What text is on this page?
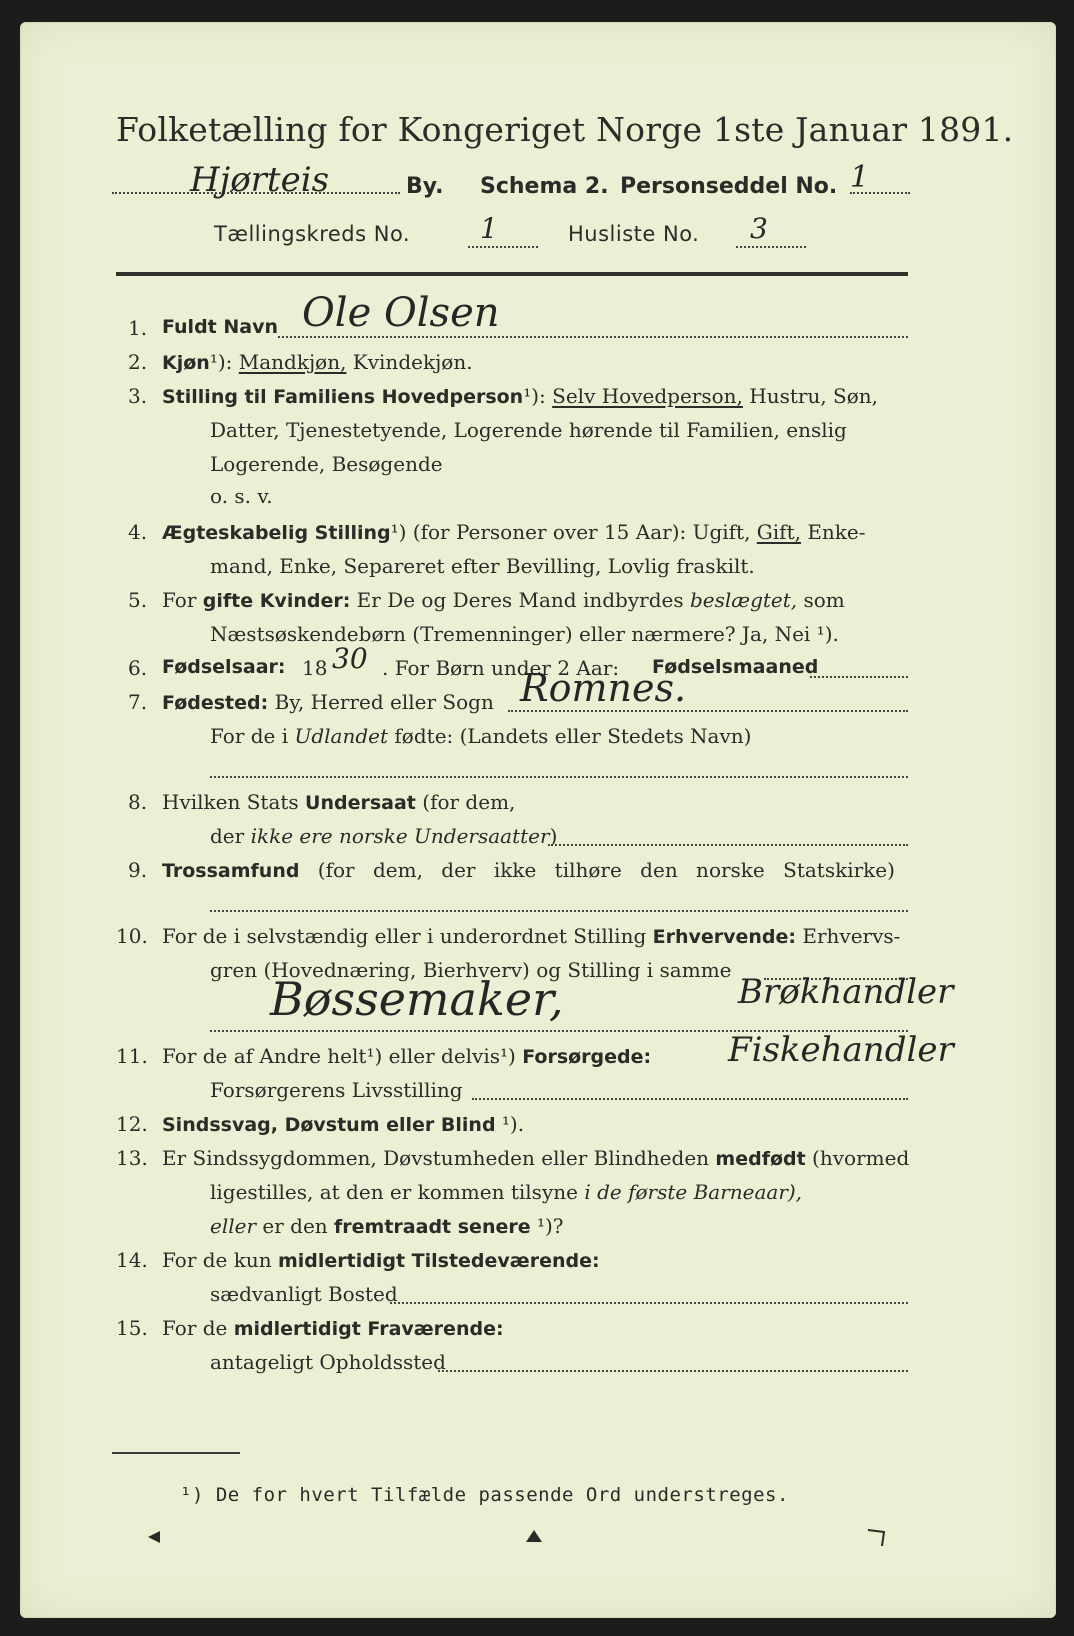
Folketælling for Kongeriget Norge 1ste Januar 1891.
Hjørteis	By. Schema 2. Personseddel No. 1
Tællingskreds No. 1	Husliste No. 3
1. Fuldt Navn Ole Olsen
2. Kjøn¹): Mandkjøn, Kvindekjøn.
3. Stilling til Familiens Hovedperson¹): Selv Hovedperson, Hustru, Søn,
Datter, Tjenestetyende, Logerende hørende til Familien, enslig
Logerende, Besøgende
o. s. v.
4. Ægteskabelig Stilling¹) (for Personer over 15 Aar): Ugift, Gift, Enke-
mand, Enke, Separeret efter Bevilling, Lovlig fraskilt.
5. For gifte Kvinder: Er De og Deres Mand indbyrdes beslægtet, som
Næstsøskendebørn (Tremenninger) eller nærmere? Ja, Nei ¹).
6. Fødselsaar: 18 30 . For Børn under 2 Aar: Fødselsmaaned
7. Fødested: By, Herred eller Sogn Romnes.
For de i Udlandet fødte: (Landets eller Stedets Navn)
8. Hvilken Stats Undersaat (for dem,
der ikke ere norske Undersaatter)
9. Trossamfund (for dem, der ikke tilhøre den norske Statskirke)
10. For de i selvstændig eller i underordnet Stilling Erhvervende: Erhvervs-
gren (Hovednæring, Bierhverv) og Stilling i samme
Bøssemaker,	Brøkhandler
Fiskehandler
11. For de af Andre helt¹) eller delvis¹) Forsørgede:
Forsørgerens Livsstilling
12. Sindssvag, Døvstum eller Blind ¹).
13. Er Sindssygdommen, Døvstumheden eller Blindheden medfødt (hvormed
ligestilles, at den er kommen tilsyne i de første Barneaar),
eller er den fremtraadt senere ¹)?
14. For de kun midlertidigt Tilstedeværende:
sædvanligt Bosted
15. For de midlertidigt Fraværende:
antageligt Opholdssted
¹) De for hvert Tilfælde passende Ord understreges.
